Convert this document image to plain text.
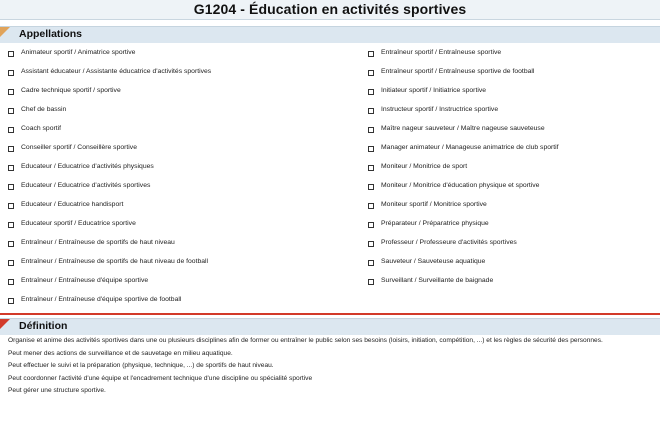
G1204 - Éducation en activités sportives
Appellations
Animateur sportif / Animatrice sportive
Assistant éducateur / Assistante éducatrice d'activités sportives
Cadre technique sportif / sportive
Chef de bassin
Coach sportif
Conseiller sportif / Conseillère sportive
Educateur / Educatrice d'activités physiques
Educateur / Educatrice d'activités sportives
Educateur / Educatrice handisport
Educateur sportif / Educatrice sportive
Entraîneur / Entraîneuse de sportifs de haut niveau
Entraîneur / Entraîneuse de sportifs de haut niveau de football
Entraîneur / Entraîneuse d'équipe sportive
Entraîneur / Entraîneuse d'équipe sportive de football
Entraîneur sportif / Entraîneuse sportive
Entraîneur sportif / Entraîneuse sportive de football
Initiateur sportif / Initiatrice sportive
Instructeur sportif / Instructrice sportive
Maître nageur sauveteur / Maître nageuse sauveteuse
Manager animateur / Manageuse animatrice de club sportif
Moniteur / Monitrice de sport
Moniteur / Monitrice d'éducation physique et sportive
Moniteur sportif / Monitrice sportive
Préparateur / Préparatrice physique
Professeur / Professeure d'activités sportives
Sauveteur / Sauveteuse aquatique
Surveillant / Surveillante de baignade
Définition
Organise et anime des activités sportives dans une ou plusieurs disciplines afin de former ou entraîner le public selon ses besoins (loisirs, initiation, compétition, ...) et les règles de sécurité des personnes.
Peut mener des actions de surveillance et de sauvetage en milieu aquatique.
Peut effectuer le suivi et la préparation (physique, technique, ...) de sportifs de haut niveau.
Peut coordonner l'activité d'une équipe et l'encadrement technique d'une discipline ou spécialité sportive
Peut gérer une structure sportive.
